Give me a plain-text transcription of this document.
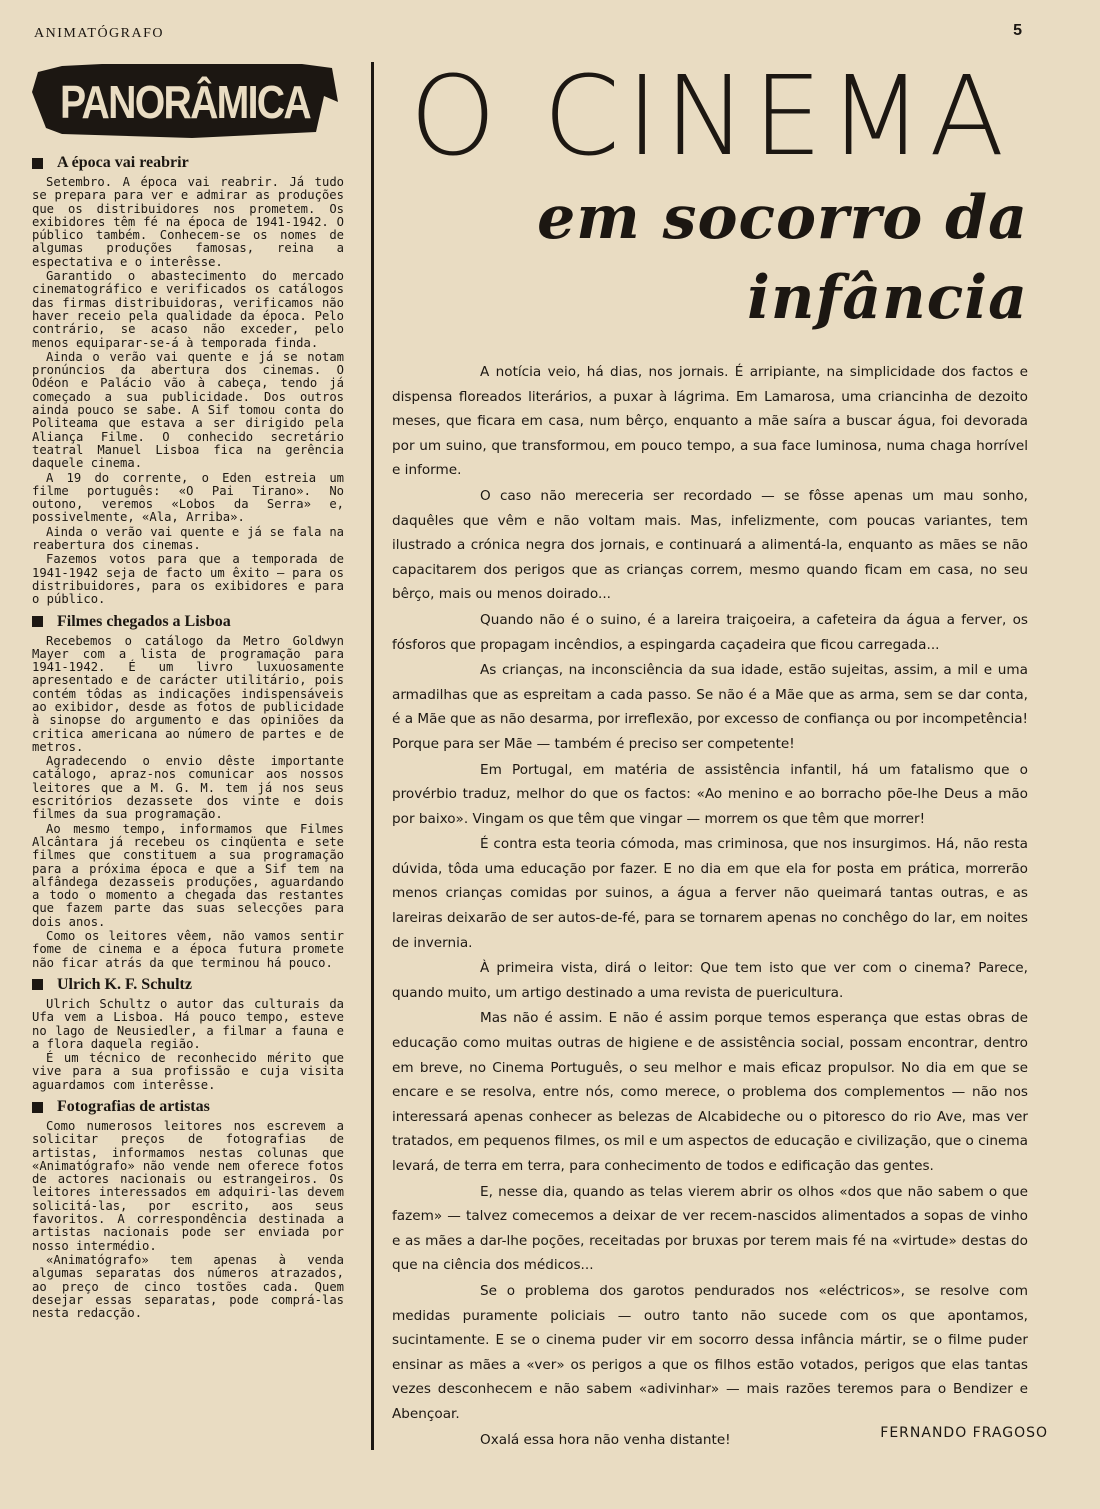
ANIMATÓGRAFO	5
PANORÂMICA
A época vai reabrir

Setembro. A época vai reabrir. Já tudo se prepara para ver e admirar as produções que os distribuidores nos prometem. Os exibidores têm fé na época de 1941-1942. O público também. Conhecem-se os nomes de algumas produções famosas, reina a espectativa e o interêsse.

Garantido o abastecimento do mercado cinematográfico e verificados os catálogos das firmas distribuidoras, verificamos não haver receio pela qualidade da época. Pelo contrário, se acaso não exceder, pelo menos equiparar-se-á à temporada finda.

Ainda o verão vai quente e já se notam pronúncios da abertura dos cinemas. O Odéon e Palácio vão à cabeça, tendo já começado a sua publicidade. Dos outros ainda pouco se sabe. A Sif tomou conta do Politeama que estava a ser dirigido pela Aliança Filme. O conhecido secretário teatral Manuel Lisboa fica na gerência daquele cinema.

A 19 do corrente, o Eden estreia um filme português: «O Pai Tirano». No outono, veremos «Lobos da Serra» e, possivelmente, «Ala, Arriba».

Ainda o verão vai quente e já se fala na reabertura dos cinemas.

Fazemos votos para que a temporada de 1941-1942 seja de facto um êxito — para os distribuidores, para os exibidores e para o público.

Filmes chegados a Lisboa

Recebemos o catálogo da Metro Goldwyn Mayer com a lista de programação para 1941-1942. É um livro luxuosamente apresentado e de carácter utilitário, pois contém tôdas as indicações indispensáveis ao exibidor, desde as fotos de publicidade à sinopse do argumento e das opiniões da critica americana ao número de partes e de metros.

Agradecendo o envio dêste importante catálogo, apraz-nos comunicar aos nossos leitores que a M. G. M. tem já nos seus escritórios dezassete dos vinte e dois filmes da sua programação.

Ao mesmo tempo, informamos que Filmes Alcântara já recebeu os cinqüenta e sete filmes que constituem a sua programação para a próxima época e que a Sif tem na alfândega dezasseis produções, aguardando a todo o momento a chegada das restantes que fazem parte das suas selecções para dois anos.

Como os leitores vêem, não vamos sentir fome de cinema e a época futura promete não ficar atrás da que terminou há pouco.

Ulrich K. F. Schultz

Ulrich Schultz o autor das culturais da Ufa vem a Lisboa. Há pouco tempo, esteve no lago de Neusiedler, a filmar a fauna e a flora daquela região.

É um técnico de reconhecido mérito que vive para a sua profissão e cuja visita aguardamos com interêsse.

Fotografias de artistas

Como numerosos leitores nos escrevem a solicitar preços de fotografias de artistas, informamos nestas colunas que «Animatógrafo» não vende nem oferece fotos de actores nacionais ou estrangeiros. Os leitores interessados em adquiri-las devem solicitá-las, por escrito, aos seus favoritos. A correspondência destinada a artistas nacionais pode ser enviada por nosso intermédio.

«Animatógrafo» tem apenas à venda algumas separatas dos números atrazados, ao preço de cinco tostões cada. Quem desejar essas separatas, pode comprá-las nesta redacção.

O CINEMA
em socorro da infância

A notícia veio, há dias, nos jornais. É arripiante, na simplicidade dos factos e dispensa floreados literários, a puxar à lágrima. Em Lamarosa, uma criancinha de dezoito meses, que ficara em casa, num bêrço, enquanto a mãe saíra a buscar água, foi devorada por um suino, que transformou, em pouco tempo, a sua face luminosa, numa chaga horrível e informe.

O caso não mereceria ser recordado — se fôsse apenas um mau sonho, daquêles que vêm e não voltam mais. Mas, infelizmente, com poucas variantes, tem ilustrado a crónica negra dos jornais, e continuará a alimentá-la, enquanto as mães se não capacitarem dos perigos que as crianças correm, mesmo quando ficam em casa, no seu bêrço, mais ou menos doirado...

Quando não é o suino, é a lareira traiçoeira, a cafeteira da água a ferver, os fósforos que propagam incêndios, a espingarda caçadeira que ficou carregada...

As crianças, na inconsciência da sua idade, estão sujeitas, assim, a mil e uma armadilhas que as espreitam a cada passo. Se não é a Mãe que as arma, sem se dar conta, é a Mãe que as não desarma, por irreflexão, por excesso de confiança ou por incompetência! Porque para ser Mãe — também é preciso ser competente!

Em Portugal, em matéria de assistência infantil, há um fatalismo que o provérbio traduz, melhor do que os factos: «Ao menino e ao borracho põe-lhe Deus a mão por baixo». Vingam os que têm que vingar — morrem os que têm que morrer!

É contra esta teoria cómoda, mas criminosa, que nos insurgimos. Há, não resta dúvida, tôda uma educação por fazer. E no dia em que ela for posta em prática, morrerão menos crianças comidas por suinos, a água a ferver não queimará tantas outras, e as lareiras deixarão de ser autos-de-fé, para se tornarem apenas no conchêgo do lar, em noites de invernia.

À primeira vista, dirá o leitor: Que tem isto que ver com o cinema? Parece, quando muito, um artigo destinado a uma revista de puericultura.

Mas não é assim. E não é assim porque temos esperança que estas obras de educação como muitas outras de higiene e de assistência social, possam encontrar, dentro em breve, no Cinema Português, o seu melhor e mais eficaz propulsor. No dia em que se encare e se resolva, entre nós, como merece, o problema dos complementos — não nos interessará apenas conhecer as belezas de Alcabideche ou o pitoresco do rio Ave, mas ver tratados, em pequenos filmes, os mil e um aspectos de educação e civilização, que o cinema levará, de terra em terra, para conhecimento de todos e edificação das gentes.

E, nesse dia, quando as telas vierem abrir os olhos «dos que não sabem o que fazem» — talvez comecemos a deixar de ver recem-nascidos alimentados a sopas de vinho e as mães a dar-lhe poções, receitadas por bruxas por terem mais fé na «virtude» destas do que na ciência dos médicos...

Se o problema dos garotos pendurados nos «eléctricos», se resolve com medidas puramente policiais — outro tanto não sucede com os que apontamos, sucintamente. E se o cinema puder vir em socorro dessa infância mártir, se o filme puder ensinar as mães a «ver» os perigos a que os filhos estão votados, perigos que elas tantas vezes desconhecem e não sabem «adivinhar» — mais razões teremos para o Bendizer e Abençoar.

Oxalá essa hora não venha distante!	FERNANDO FRAGOSO
